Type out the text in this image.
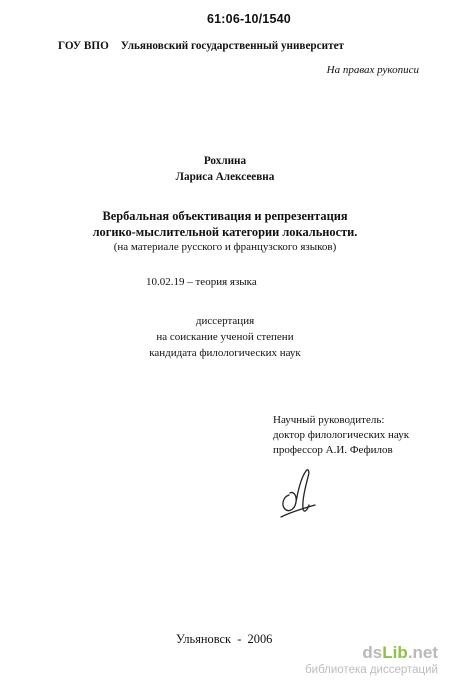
61:06-10/1540
ГОУ ВПО Ульяновский государственный университет
На правах рукописи
Рохлина
Лариса Алексеевна
Вербальная объективация и репрезентация
логико-мыслительной категории локальности.
(на материале русского и французского языков)
10.02.19 – теория языка
диссертация
на соискание ученой степени
кандидата филологических наук
Научный руководитель:
доктор филологических наук
профессор А.И. Фефилов
Ульяновск  -  2006
dsLib.net
библиотека диссертаций
